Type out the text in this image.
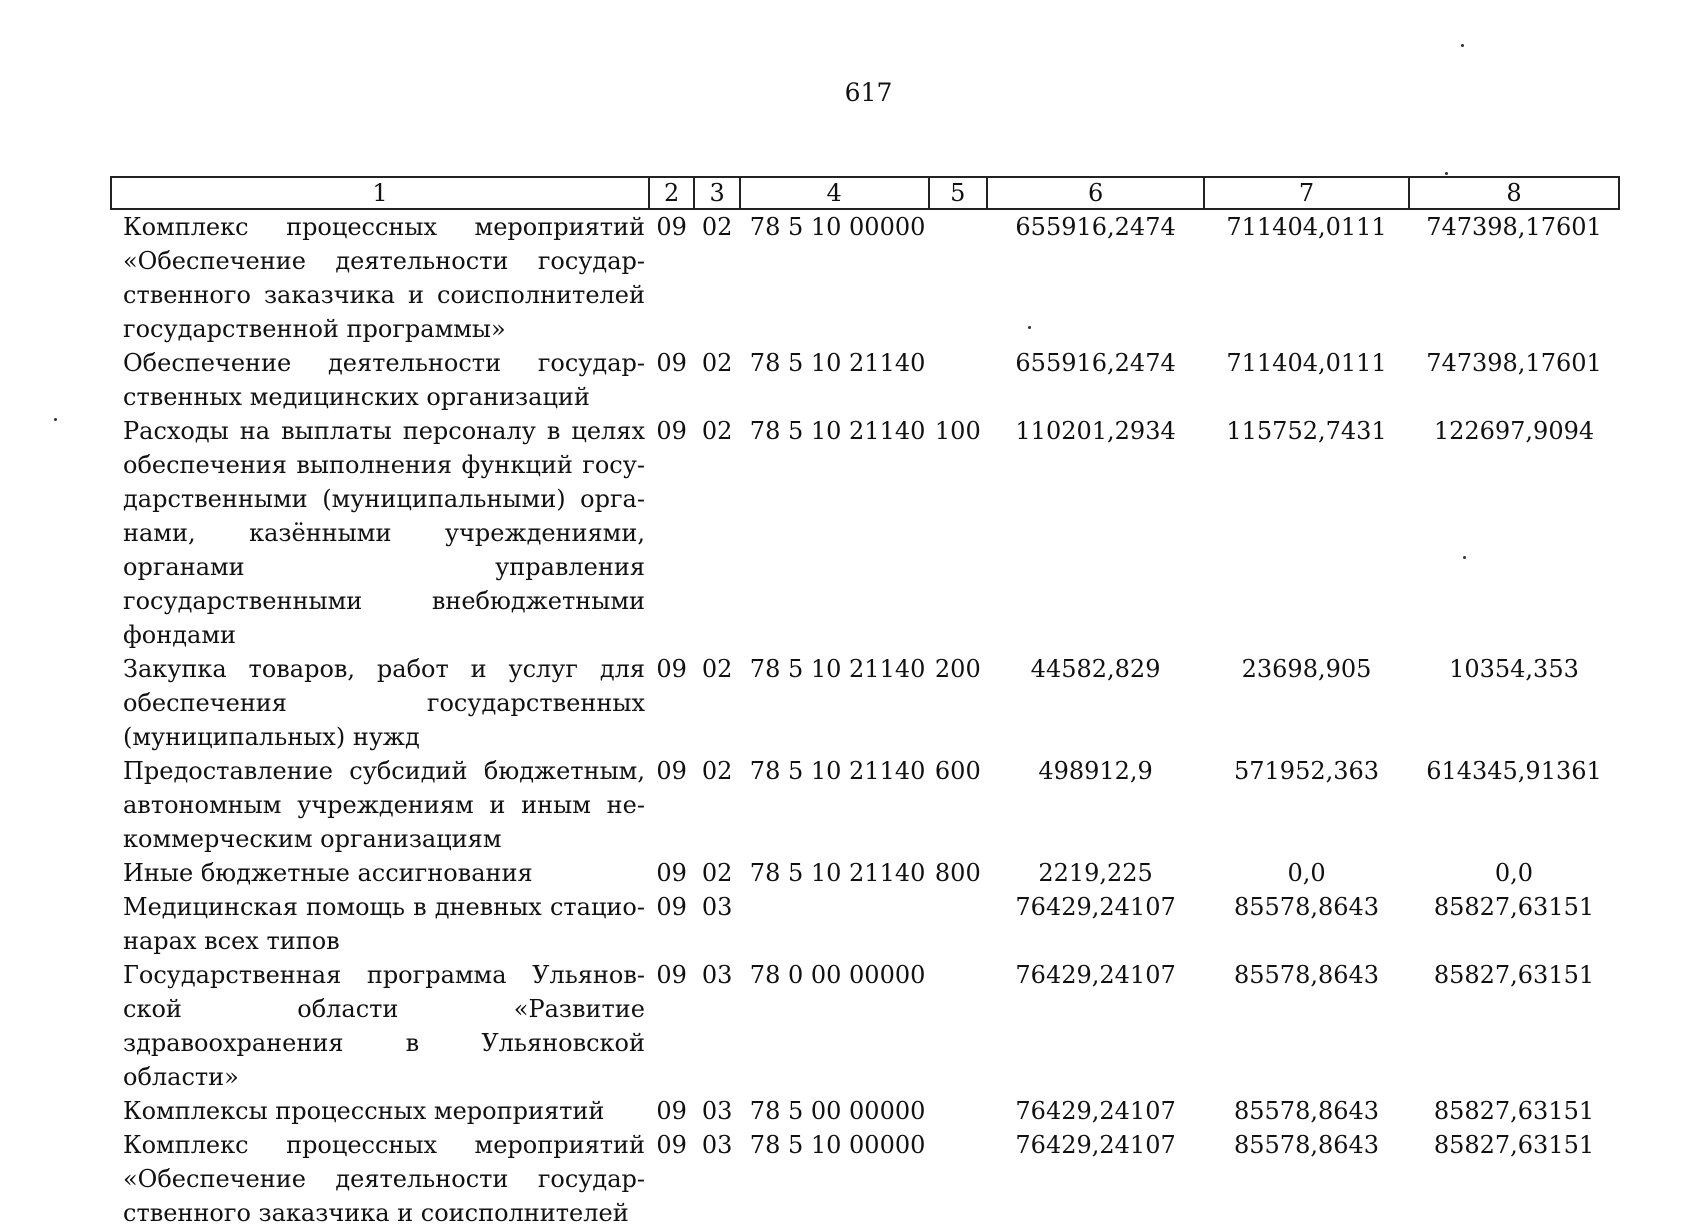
617
1	2	3	4	5	6	7	8
Комплекс процессных мероприятий «Обеспечение деятельности государственного заказчика и соисполнителей государственной программы»	09	02	78 5 10 00000		655916,2474	711404,0111	747398,17601
Обеспечение деятельности государственных медицинских организаций	09	02	78 5 10 21140		655916,2474	711404,0111	747398,17601
Расходы на выплаты персоналу в целях обеспечения выполнения функций государственными (муниципальными) органами, казёнными учреждениями, органами управления государственными внебюджетными фондами	09	02	78 5 10 21140	100	110201,2934	115752,7431	122697,9094
Закупка товаров, работ и услуг для обеспечения государственных (муниципальных) нужд	09	02	78 5 10 21140	200	44582,829	23698,905	10354,353
Предоставление субсидий бюджетным, автономным учреждениям и иным некоммерческим организациям	09	02	78 5 10 21140	600	498912,9	571952,363	614345,91361
Иные бюджетные ассигнования	09	02	78 5 10 21140	800	2219,225	0,0	0,0
Медицинская помощь в дневных стационарах всех типов	09	03			76429,24107	85578,8643	85827,63151
Государственная программа Ульяновской области «Развитие здравоохранения в Ульяновской области»	09	03	78 0 00 00000		76429,24107	85578,8643	85827,63151
Комплексы процессных мероприятий	09	03	78 5 00 00000		76429,24107	85578,8643	85827,63151
Комплекс процессных мероприятий «Обеспечение деятельности государственного заказчика и соисполнителей	09	03	78 5 10 00000		76429,24107	85578,8643	85827,63151
